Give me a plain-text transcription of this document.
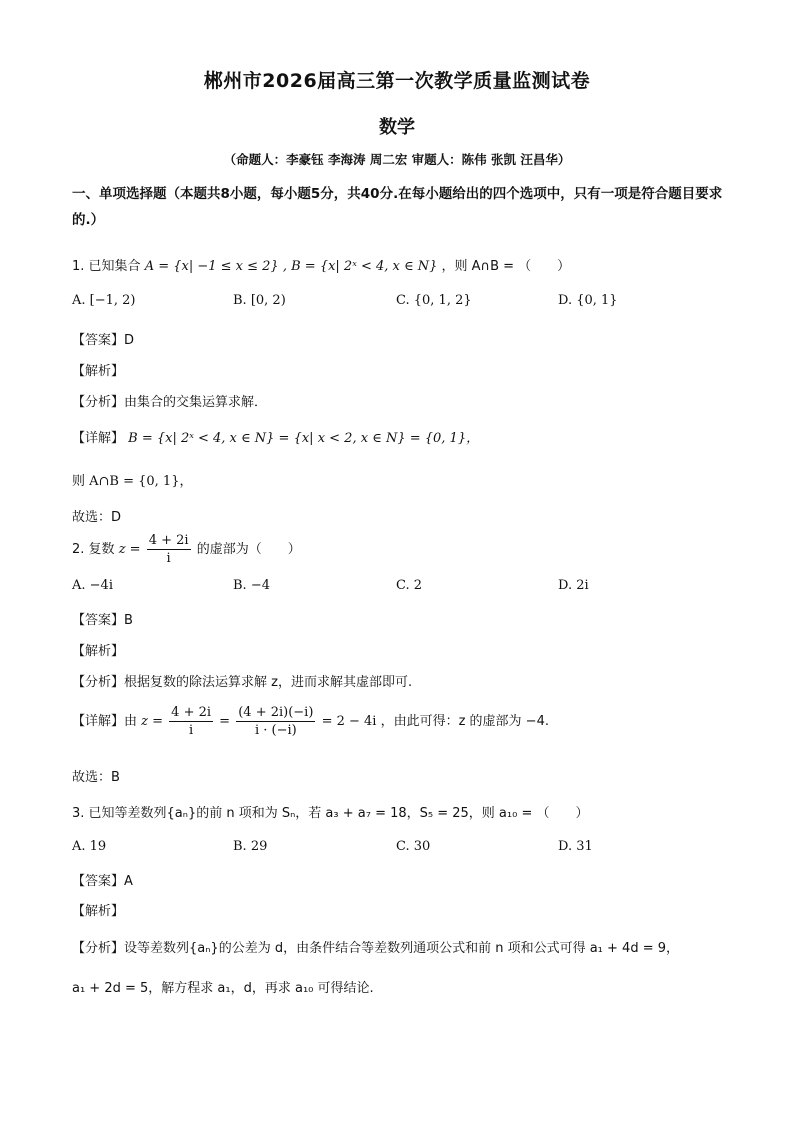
郴州市2026届高三第一次教学质量监测试卷
数学
（命题人：李豪钰 李海涛 周二宏 审题人：陈伟 张凯 汪昌华）
一、单项选择题（本题共8小题，每小题5分，共40分.在每小题给出的四个选项中，只有一项是符合题目要求的.）
1. 已知集合 A = {x| −1 ≤ x ≤ 2} , B = {x| 2ˣ < 4, x ∈ N} ，则 A∩B = （　　）
A. [−1, 2)	B. [0, 2)	C. {0, 1, 2}	D. {0, 1}
【答案】D
【解析】
【分析】由集合的交集运算求解．
【详解】 B = {x| 2ˣ < 4, x ∈ N} = {x| x < 2, x ∈ N} = {0, 1}，
则 A∩B = {0, 1}，
故选：D
2. 复数 $z = \frac{4 + 2i}{i}$ 的虚部为（　　）
A. −4i	B. −4	C. 2	D. 2i
【答案】B
【解析】
【分析】根据复数的除法运算求解 z，进而求解其虚部即可.
【详解】由 $z = \frac{4 + 2i}{i} = \frac{(4 + 2i)(-i)}{i \cdot (-i)} = 2 - 4i$ ，由此可得：z 的虚部为 −4.
故选：B
3. 已知等差数列{aₙ}的前 n 项和为 Sₙ，若 a₃ + a₇ = 18，S₅ = 25，则 a₁₀ = （　　）
A. 19	B. 29	C. 30	D. 31
【答案】A
【解析】
【分析】设等差数列{aₙ}的公差为 d，由条件结合等差数列通项公式和前 n 项和公式可得 a₁ + 4d = 9，
a₁ + 2d = 5，解方程求 a₁，d，再求 a₁₀ 可得结论.
